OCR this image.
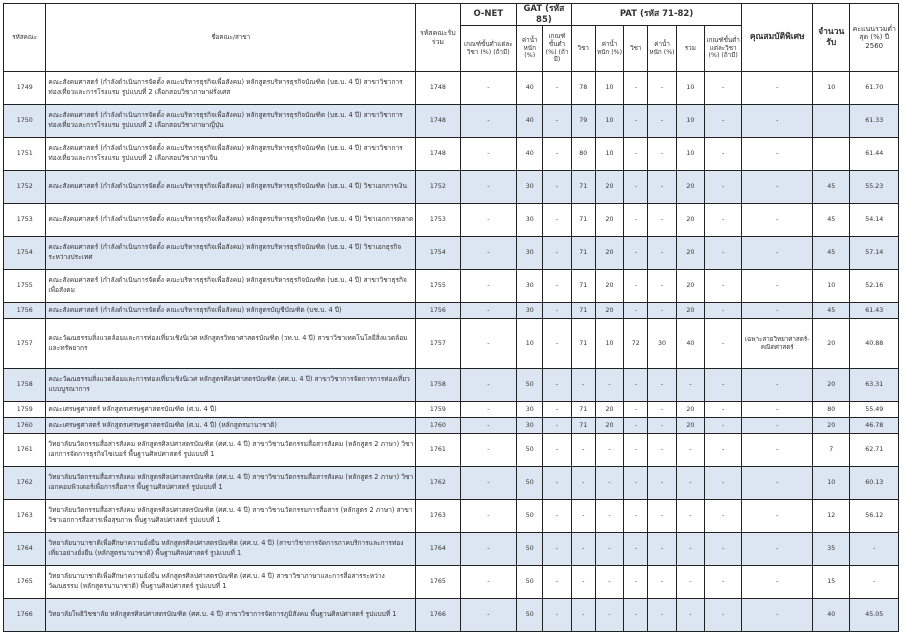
รหัสคณะ	ชื่อคณะ/สาขา	รหัสคณะรับร่วม	O-NET	GAT (รหัส 85)		PAT (รหัส 71-82)						คุณสมบัติพิเศษ	จำนวนรับ	คะแนนรวมต่ำสุด (%) ปี 2560
			เกณฑ์ขั้นต่ำแต่ละวิชา (%) (ถ้ามี)	ค่าน้ำหนัก (%)	เกณฑ์ขั้นต่ำ (%) (ถ้ามี)	วิชา	ค่าน้ำหนัก (%)	วิชา	ค่าน้ำหนัก (%)	รวม	เกณฑ์ขั้นต่ำแต่ละวิชา (%) (ถ้ามี)			
1749	คณะสังคมศาสตร์ (กำลังดำเนินการจัดตั้ง คณะบริหารธุรกิจเพื่อสังคม) หลักสูตรบริหารธุรกิจบัณฑิต (บธ.บ. 4 ปี) สาขาวิชาการท่องเที่ยวและการโรงแรม รูปแบบที่ 2 เลือกสอบวิชาภาษาฝรั่งเศส	1748	-	40	-	78	10	-	-	10	-	-	10	61.70
1750	คณะสังคมศาสตร์ (กำลังดำเนินการจัดตั้ง คณะบริหารธุรกิจเพื่อสังคม) หลักสูตรบริหารธุรกิจบัณฑิต (บธ.บ. 4 ปี) สาขาวิชาการท่องเที่ยวและการโรงแรม รูปแบบที่ 2 เลือกสอบวิชาภาษาญี่ปุ่น	1748	-	40	-	79	10	-	-	10	-	-		61.33
1751	คณะสังคมศาสตร์ (กำลังดำเนินการจัดตั้ง คณะบริหารธุรกิจเพื่อสังคม) หลักสูตรบริหารธุรกิจบัณฑิต (บธ.บ. 4 ปี) สาขาวิชาการท่องเที่ยวและการโรงแรม รูปแบบที่ 2 เลือกสอบวิชาภาษาจีน	1748	-	40	-	80	10	-	-	10	-	-		61.44
1752	คณะสังคมศาสตร์ (กำลังดำเนินการจัดตั้ง คณะบริหารธุรกิจเพื่อสังคม) หลักสูตรบริหารธุรกิจบัณฑิต (บธ.บ. 4 ปี) วิชาเอกการเงิน	1752	-	30	-	71	20	-	-	20	-	-	45	55.23
1753	คณะสังคมศาสตร์ (กำลังดำเนินการจัดตั้ง คณะบริหารธุรกิจเพื่อสังคม) หลักสูตรบริหารธุรกิจบัณฑิต (บธ.บ. 4 ปี) วิชาเอกการตลาด	1753	-	30	-	71	20	-	-	20	-	-	45	54.14
1754	คณะสังคมศาสตร์ (กำลังดำเนินการจัดตั้ง คณะบริหารธุรกิจเพื่อสังคม) หลักสูตรบริหารธุรกิจบัณฑิต (บธ.บ. 4 ปี) วิชาเอกธุรกิจระหว่างประเทศ	1754	-	30	-	71	20	-	-	20	-	-	45	57.14
1755	คณะสังคมศาสตร์ (กำลังดำเนินการจัดตั้ง คณะบริหารธุรกิจเพื่อสังคม) หลักสูตรบริหารธุรกิจบัณฑิต (บธ.บ. 4 ปี) สาขาวิชาธุรกิจเพื่อสังคม	1755	-	30	-	71	20	-	-	20	-	-	10	52.16
1756	คณะสังคมศาสตร์ (กำลังดำเนินการจัดตั้ง คณะบริหารธุรกิจเพื่อสังคม) หลักสูตรบัญชีบัณฑิต (บช.บ. 4 ปี)	1756	-	30	-	71	20	-	-	20	-	-	45	61.43
1757	คณะวัฒนธรรมสิ่งแวดล้อมและการท่องเที่ยวเชิงนิเวศ หลักสูตรวิทยาศาสตรบัณฑิต (วท.บ. 4 ปี) สาขาวิชาเทคโนโลยีสิ่งแวดล้อมและทรัพยากร	1757	-	10	-	71	10	72	30	40	-	เฉพาะสายวิทยาศาสตร์-คณิตศาสตร์	20	40.88
1758	คณะวัฒนธรรมสิ่งแวดล้อมและการท่องเที่ยวเชิงนิเวศ หลักสูตรศิลปศาสตรบัณฑิต (ศศ.บ. 4 ปี) สาขาวิชาการจัดการการท่องเที่ยวแบบบูรณาการ	1758	-	50	-	-	-	-	-	-	-	-	20	63.31
1759	คณะเศรษฐศาสตร์ หลักสูตรเศรษฐศาสตรบัณฑิต (ศ.บ. 4 ปี)	1759	-	30	-	71	20	-	-	20	-	-	80	55.49
1760	คณะเศรษฐศาสตร์ หลักสูตรเศรษฐศาสตรบัณฑิต (ศ.บ. 4 ปี) (หลักสูตรนานาชาติ)	1760	-	30	-	71	20	-	-	20	-	-	20	46.78
1761	วิทยาลัยนวัตกรรมสื่อสารสังคม หลักสูตรศิลปศาสตรบัณฑิต (ศศ.บ. 4 ปี) สาขาวิชานวัตกรรมสื่อสารสังคม (หลักสูตร 2 ภาษา) วิชาเอกการจัดการธุรกิจไซเบอร์ พื้นฐานศิลปศาสตร์ รูปแบบที่ 1	1761	-	50	-	-	-	-	-	-	-	-	7	62.71
1762	วิทยาลัยนวัตกรรมสื่อสารสังคม หลักสูตรศิลปศาสตรบัณฑิต (ศศ.บ. 4 ปี) สาขาวิชานวัตกรรมสื่อสารสังคม (หลักสูตร 2 ภาษา) วิชาเอกคอมพิวเตอร์เพื่อการสื่อสาร พื้นฐานศิลปศาสตร์ รูปแบบที่ 1	1762	-	50	-	-	-	-	-	-	-	-	10	60.13
1763	วิทยาลัยนวัตกรรมสื่อสารสังคม หลักสูตรศิลปศาสตรบัณฑิต (ศศ.บ. 4 ปี) สาขาวิชานวัตกรรมการสื่อสาร (หลักสูตร 2 ภาษา) สาขาวิชาเอกการสื่อสารเพื่อสุขภาพ พื้นฐานศิลปศาสตร์ รูปแบบที่ 1	1763	-	50	-	-	-	-	-	-	-	-	12	56.12
1764	วิทยาลัยนานาชาติเพื่อศึกษาความยั่งยืน หลักสูตรศิลปศาสตรบัณฑิต (ศศ.บ. 4 ปี) (สาขาวิชาการจัดการภาคบริการและการท่องเที่ยวอย่างยั่งยืน (หลักสูตรนานาชาติ) พื้นฐานศิลปศาสตร์ รูปแบบที่ 1	1764	-	50	-	-	-	-	-	-	-	-	35	-
1765	วิทยาลัยนานาชาติเพื่อศึกษาความยั่งยืน หลักสูตรศิลปศาสตรบัณฑิต (ศศ.บ. 4 ปี) สาขาวิชาภาษาและการสื่อสารระหว่างวัฒนธรรม (หลักสูตรนานาชาติ) พื้นฐานศิลปศาสตร์ รูปแบบที่ 1	1765	-	50	-	-	-	-	-	-	-	-	15	-
1766	วิทยาลัยโพธิวิชชาลัย หลักสูตรศิลปศาสตรบัณฑิต (ศศ.บ. 4 ปี) สาขาวิชาการจัดการภูมิสังคม พื้นฐานศิลปศาสตร์ รูปแบบที่ 1	1766	-	50	-	-	-	-	-	-	-	-	40	45.05
